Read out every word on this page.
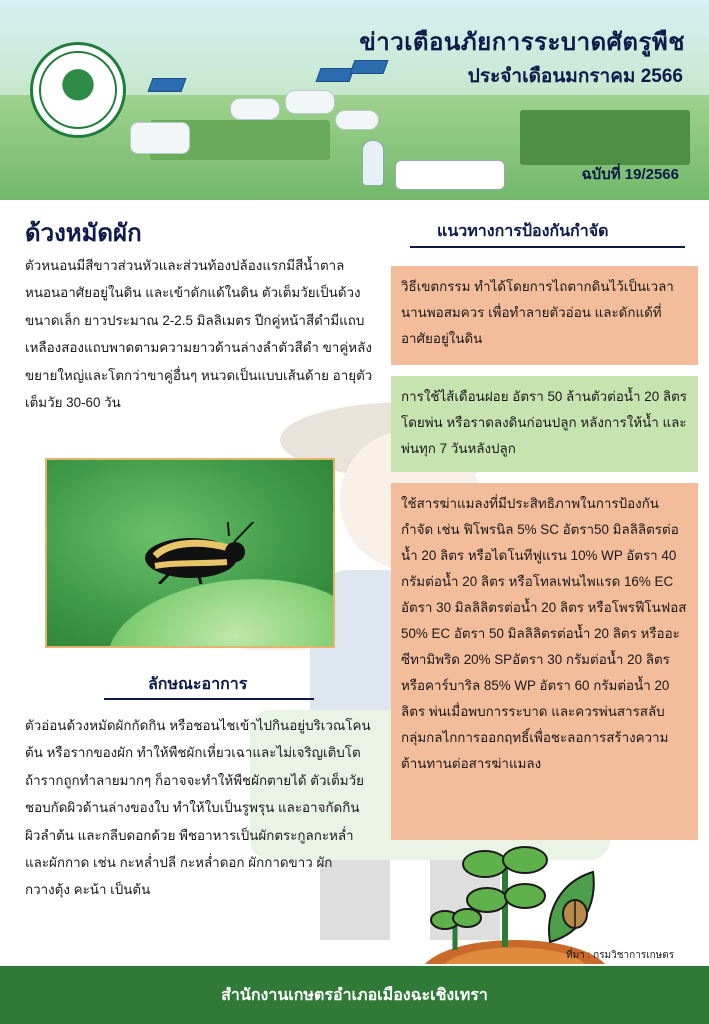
ข่าวเตือนภัยการระบาดศัตรูพืช
ประจำเดือนมกราคม 2566
ฉบับที่ 19/2566
ด้วงหมัดผัก

ตัวหนอนมีสีขาวส่วนหัวและส่วนท้องปล้องแรกมีสีน้ำตาล หนอนอาศัยอยู่ในดิน และเข้าดักแด้ในดิน ตัวเต็มวัยเป็นด้วงขนาดเล็ก ยาวประมาณ 2-2.5 มิลลิเมตร ปีกคู่หน้าสีดำมีแถบเหลืองสองแถบพาดตามความยาวด้านล่างลำตัวสีดำ ขาคู่หลังขยายใหญ่และโตกว่าขาคู่อื่นๆ หนวดเป็นแบบเส้นด้าย อายุตัวเต็มวัย 30-60 วัน

ลักษณะอาการ

ตัวอ่อนด้วงหมัดผักกัดกิน หรือชอนไชเข้าไปกินอยู่บริเวณโคนต้น หรือรากของผัก ทำให้พืชผักเหี่ยวเฉาและไม่เจริญเติบโต ถ้ารากถูกทำลายมากๆ ก็อาจจะทำให้พืชผักตายได้ ตัวเต็มวัยชอบกัดผิวด้านล่างของใบ ทำให้ใบเป็นรูพรุน และอาจกัดกินผิวลำต้น และกลีบดอกด้วย พืชอาหารเป็นผักตระกูลกะหล่ำและผักกาด เช่น กะหล่ำปลี กะหล่ำดอก ผักกาดขาว ผักกวางตุ้ง คะน้า เป็นต้น

แนวทางการป้องกันกำจัด
วิธีเขตกรรม ทำได้โดยการไถตากดินไว้เป็นเวลานานพอสมควร เพื่อทำลายตัวอ่อน และดักแด้ที่อาศัยอยู่ในดิน
การใช้ไส้เดือนฝอย อัตรา 50 ล้านตัวต่อน้ำ 20 ลิตร โดยพ่น หรือราดลงดินก่อนปลูก หลังการให้น้ำ และพ่นทุก 7 วันหลังปลูก
ใช้สารฆ่าแมลงที่มีประสิทธิภาพในการป้องกันกำจัด เช่น ฟิโพรนิล 5% SC อัตรา50 มิลลิลิตรต่อน้ำ 20 ลิตร หรือไดโนทีฟูแรน 10% WP อัตรา 40 กรัมต่อน้ำ 20 ลิตร หรือโทลเฟนไพแรด 16% EC อัตรา 30 มิลลิลิตรต่อน้ำ 20 ลิตร หรือโพรฟีโนฟอส 50% EC อัตรา 50 มิลลิลิตรต่อน้ำ 20 ลิตร หรืออะซีทามิพริด 20% SPอัตรา 30 กรัมต่อน้ำ 20 ลิตร หรือคาร์บาริล 85% WP อัตรา 60 กรัมต่อน้ำ 20 ลิตร พ่นเมื่อพบการระบาด และควรพ่นสารสลับกลุ่มกลไกการออกฤทธิ์เพื่อชะลอการสร้างความต้านทานต่อสารฆ่าแมลง
ที่มา : กรมวิชาการเกษตร
สำนักงานเกษตรอำเภอเมืองฉะเชิงเทรา
